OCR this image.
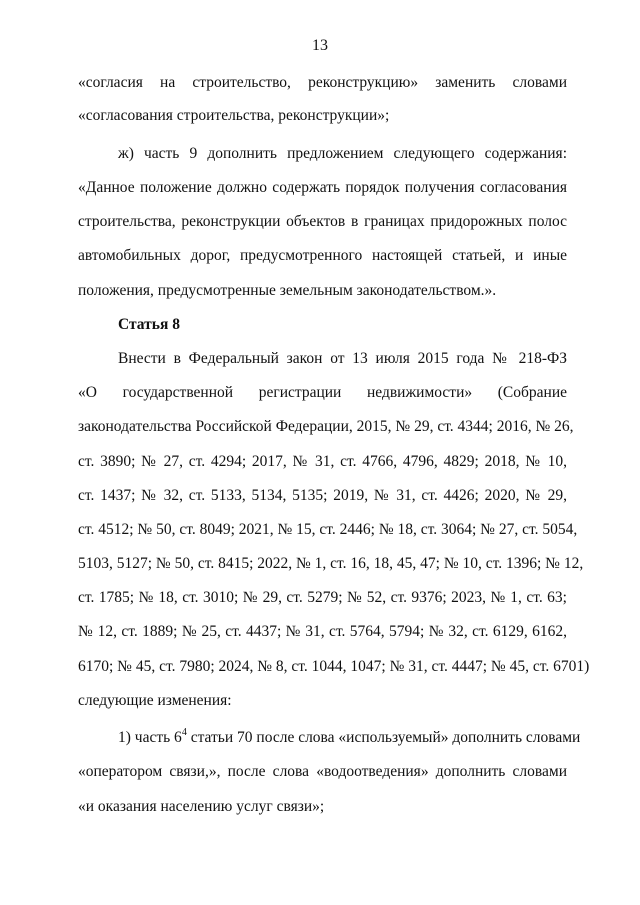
13
«согласия на строительство, реконструкцию» заменить словами
«согласования строительства, реконструкции»;
ж) часть 9 дополнить предложением следующего содержания:
«Данное положение должно содержать порядок получения согласования
строительства, реконструкции объектов в границах придорожных полос
автомобильных дорог, предусмотренного настоящей статьей, и иные
положения, предусмотренные земельным законодательством.».
Статья 8
Внести в Федеральный закон от 13 июля 2015 года № 218-ФЗ
«О государственной регистрации недвижимости» (Собрание
законодательства Российской Федерации, 2015, № 29, ст. 4344; 2016, № 26,
ст. 3890; № 27, ст. 4294; 2017, № 31, ст. 4766, 4796, 4829; 2018, № 10,
ст. 1437; № 32, ст. 5133, 5134, 5135; 2019, № 31, ст. 4426; 2020, № 29,
ст. 4512; № 50, ст. 8049; 2021, № 15, ст. 2446; № 18, ст. 3064; № 27, ст. 5054,
5103, 5127; № 50, ст. 8415; 2022, № 1, ст. 16, 18, 45, 47; № 10, ст. 1396; № 12,
ст. 1785; № 18, ст. 3010; № 29, ст. 5279; № 52, ст. 9376; 2023, № 1, ст. 63;
№ 12, ст. 1889; № 25, ст. 4437; № 31, ст. 5764, 5794; № 32, ст. 6129, 6162,
6170; № 45, ст. 7980; 2024, № 8, ст. 1044, 1047; № 31, ст. 4447; № 45, ст. 6701)
следующие изменения:
1) часть $6^4$ статьи 70 после слова «используемый» дополнить словами
«оператором связи,», после слова «водоотведения» дополнить словами
«и оказания населению услуг связи»;
